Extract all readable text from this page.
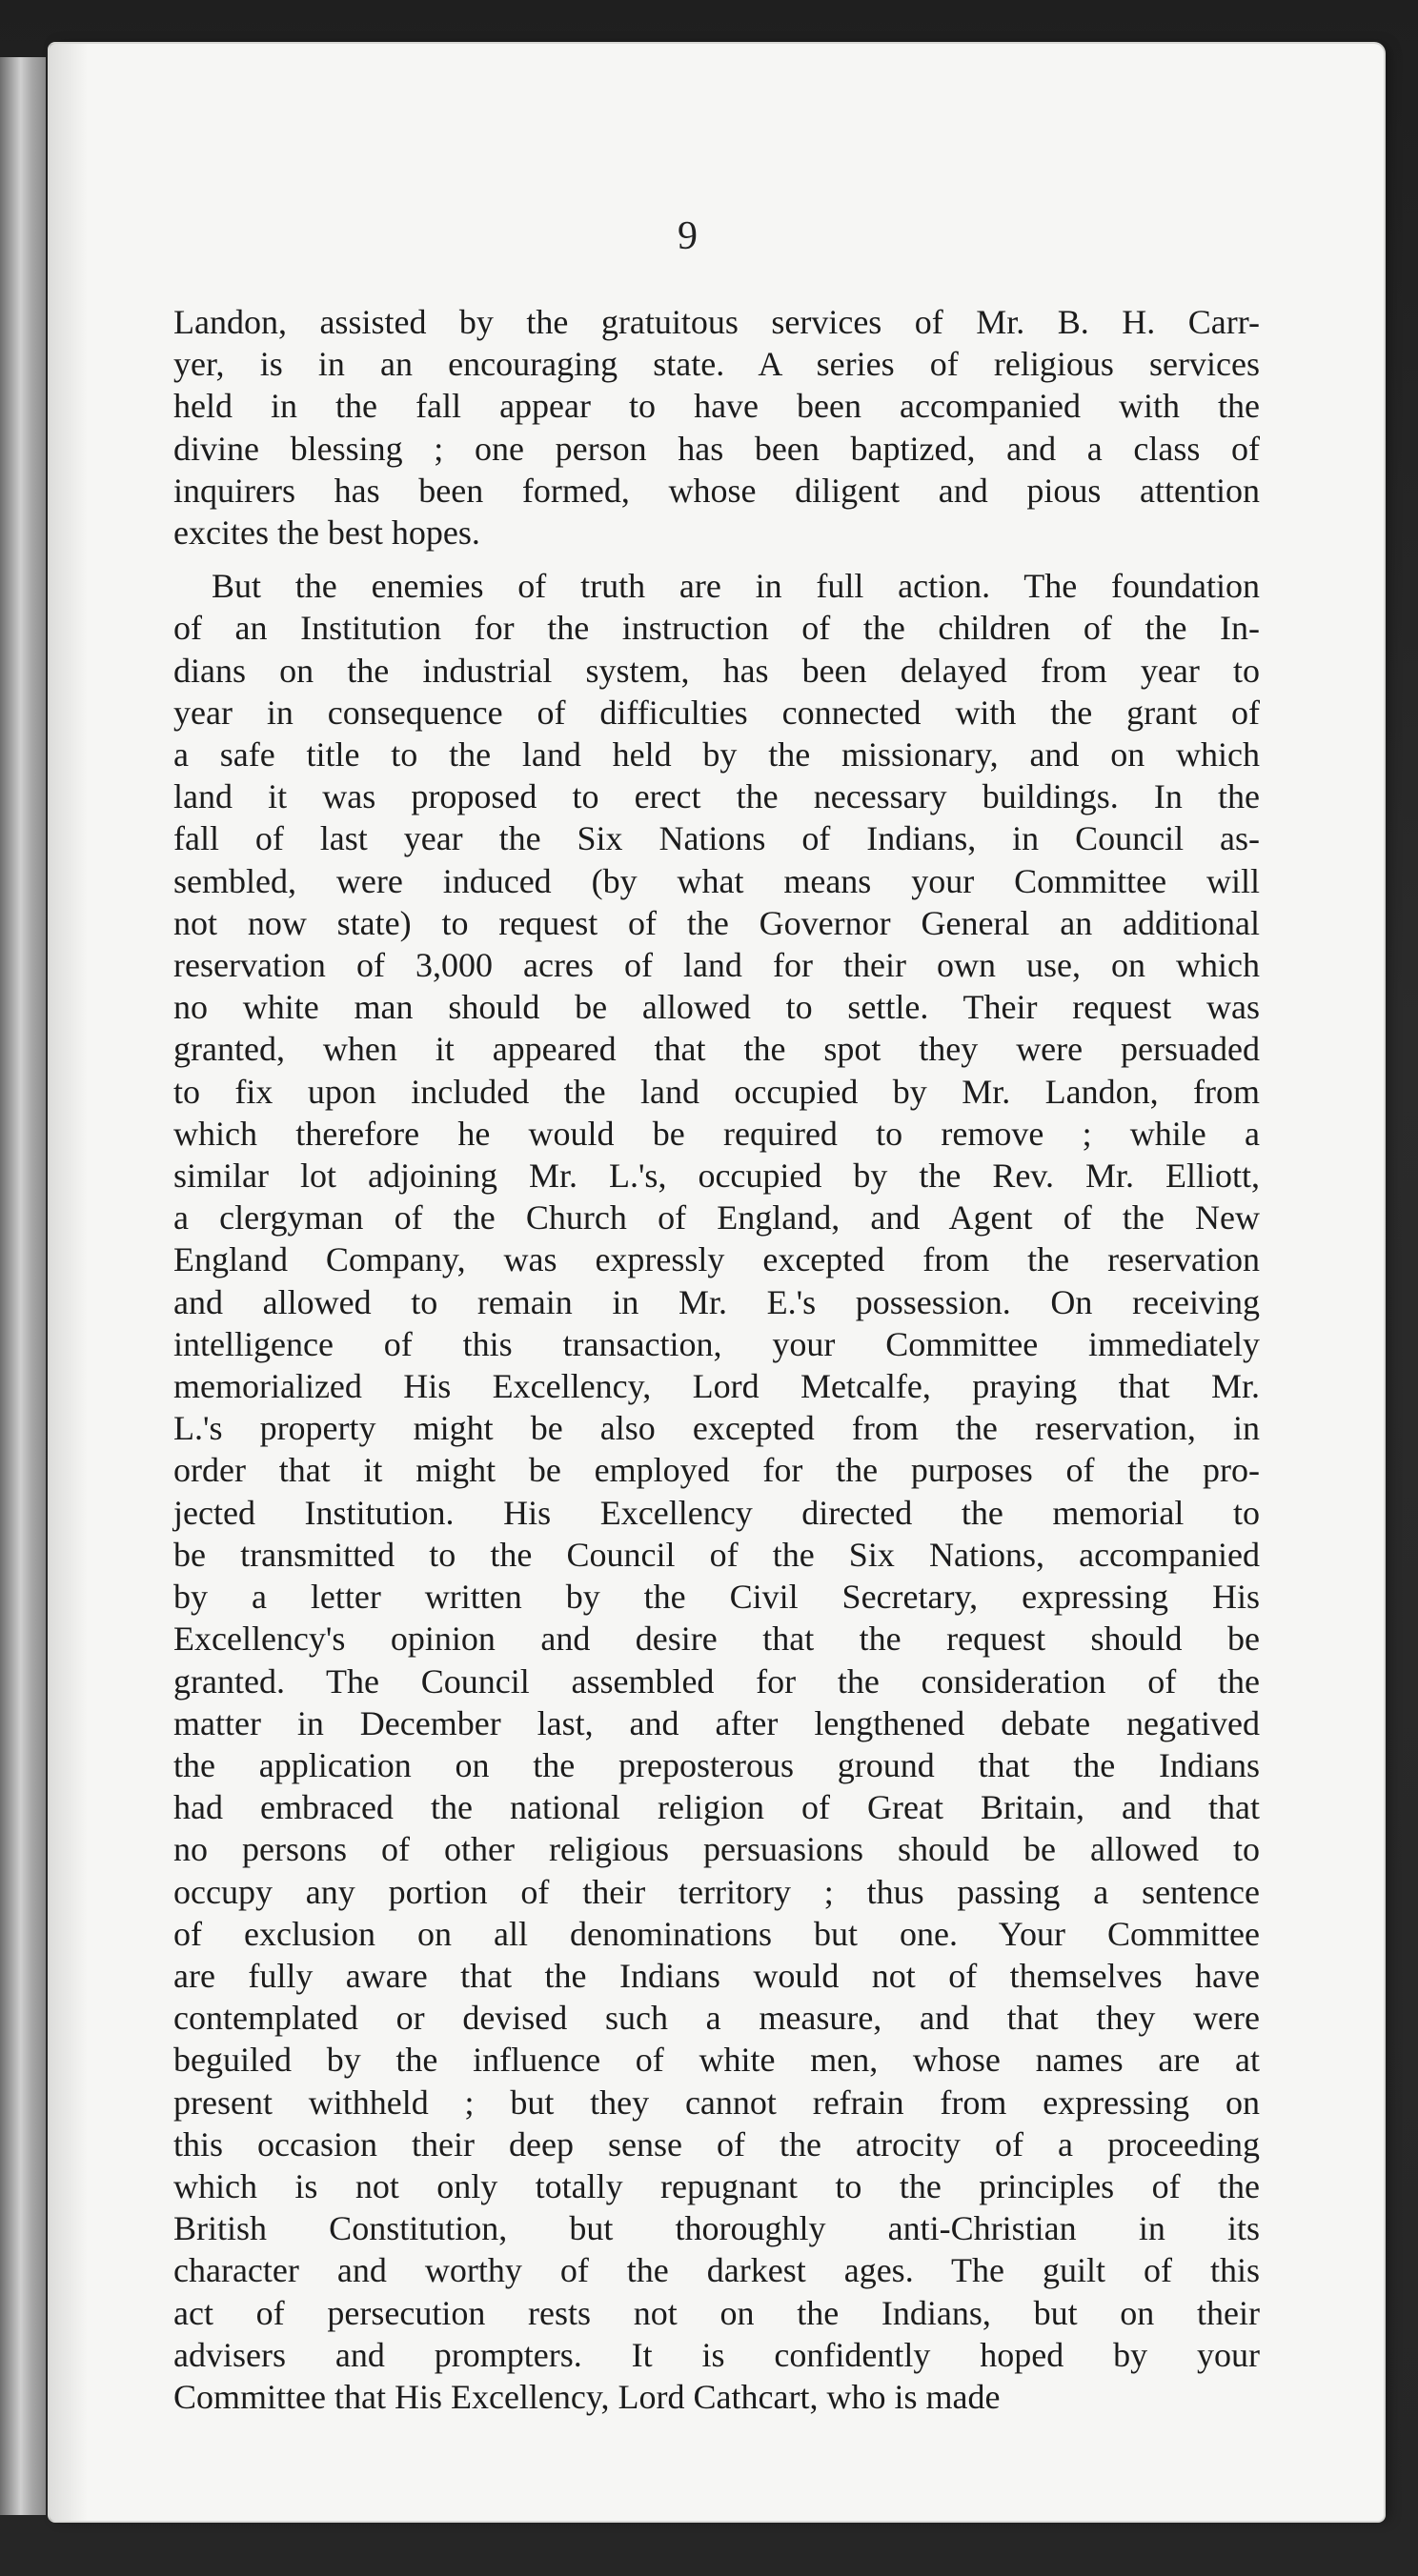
9
Landon, assisted by the gratuitous services of Mr. B. H. Carr-
yer, is in an encouraging state. A series of religious services
held in the fall appear to have been accompanied with the
divine blessing ; one person has been baptized, and a class of
inquirers has been formed, whose diligent and pious attention
excites the best hopes.
But the enemies of truth are in full action. The foundation
of an Institution for the instruction of the children of the In-
dians on the industrial system, has been delayed from year to
year in consequence of difficulties connected with the grant of
a safe title to the land held by the missionary, and on which
land it was proposed to erect the necessary buildings. In the
fall of last year the Six Nations of Indians, in Council as-
sembled, were induced (by what means your Committee will
not now state) to request of the Governor General an additional
reservation of 3,000 acres of land for their own use, on which
no white man should be allowed to settle. Their request was
granted, when it appeared that the spot they were persuaded
to fix upon included the land occupied by Mr. Landon, from
which therefore he would be required to remove ; while a
similar lot adjoining Mr. L.'s, occupied by the Rev. Mr. Elliott,
a clergyman of the Church of England, and Agent of the New
England Company, was expressly excepted from the reservation
and allowed to remain in Mr. E.'s possession. On receiving
intelligence of this transaction, your Committee immediately
memorialized His Excellency, Lord Metcalfe, praying that Mr.
L.'s property might be also excepted from the reservation, in
order that it might be employed for the purposes of the pro-
jected Institution. His Excellency directed the memorial to
be transmitted to the Council of the Six Nations, accompanied
by a letter written by the Civil Secretary, expressing His
Excellency's opinion and desire that the request should be
granted. The Council assembled for the consideration of the
matter in December last, and after lengthened debate negatived
the application on the preposterous ground that the Indians
had embraced the national religion of Great Britain, and that
no persons of other religious persuasions should be allowed to
occupy any portion of their territory ; thus passing a sentence
of exclusion on all denominations but one. Your Committee
are fully aware that the Indians would not of themselves have
contemplated or devised such a measure, and that they were
beguiled by the influence of white men, whose names are at
present withheld ; but they cannot refrain from expressing on
this occasion their deep sense of the atrocity of a proceeding
which is not only totally repugnant to the principles of the
British Constitution, but thoroughly anti-Christian in its
character and worthy of the darkest ages. The guilt of this
act of persecution rests not on the Indians, but on their
advisers and prompters. It is confidently hoped by your
Committee that His Excellency, Lord Cathcart, who is made
